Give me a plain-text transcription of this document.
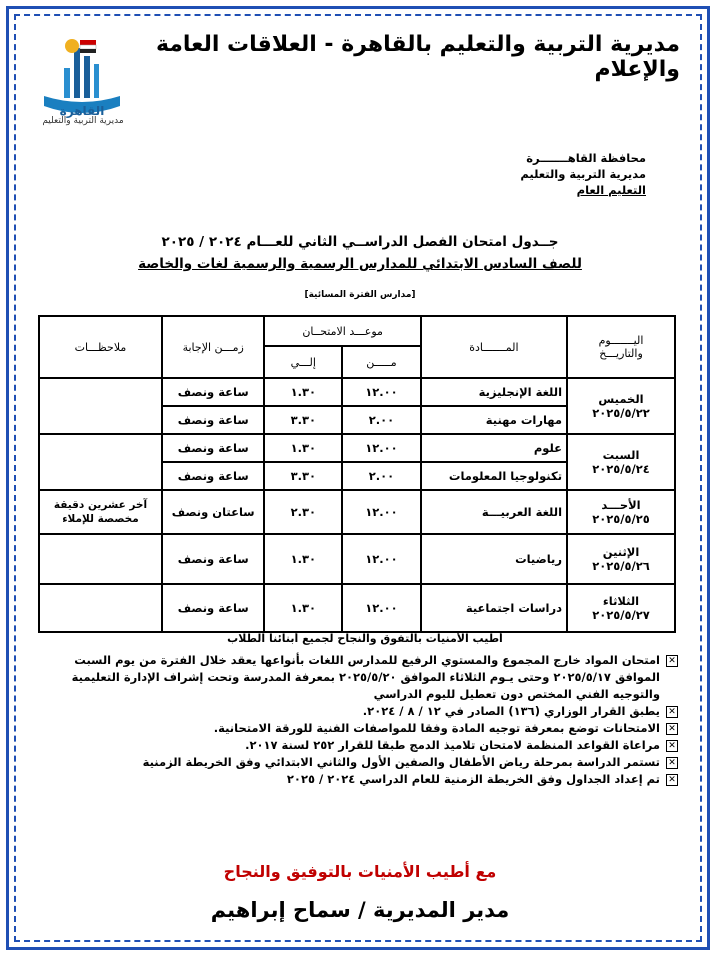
القاهرة
مديرية التربية والتعليم
مديرية التربية والتعليم بالقاهرة - العلاقات العامة والإعلام
محافظة القاهـــــــرة
مديرية التربية والتعليم
التعليم العام
جــدول امتحان الفصل الدراســي الثاني للعـــام ٢٠٢٤ / ٢٠٢٥
للصف السادس الابتدائي للمدارس الرسمية والرسمية لغات والخاصة
[مدارس الفترة المسائية]
اليـــــــوم
والتاريـــخ	المـــــــادة	موعـــد الامتحــان		زمـــن الإجابة	ملاحظـــات
		مـــــن	إلـــي		

الخميس
٢٠٢٥/٥/٢٢	اللغة الإنجليزية	١٢.٠٠	١.٣٠	ساعة ونصف	
	مهارات مهنية	٢.٠٠	٣.٣٠	ساعة ونصف	

السبت
٢٠٢٥/٥/٢٤	علوم	١٢.٠٠	١.٣٠	ساعة ونصف	
	تكنولوجيا المعلومات	٢.٠٠	٣.٣٠	ساعة ونصف	

الأحـــد
٢٠٢٥/٥/٢٥	اللغة العربيـــة	١٢.٠٠	٢.٣٠	ساعتان ونصف	آخر عشرين دقيقة مخصصة للإملاء

الإثنين
٢٠٢٥/٥/٢٦	رياضيات	١٢.٠٠	١.٣٠	ساعة ونصف	

الثلاثاء
٢٠٢٥/٥/٢٧	دراسات اجتماعية	١٢.٠٠	١.٣٠	ساعة ونصف	
أطيب الأمنيات بالتفوق والنجاح لجميع أبنائنا الطلاب
✕
امتحان المواد خارج المجموع والمستوي الرفيع للمدارس اللغات بأنواعها يعقد خلال الفترة من يوم السبت الموافق ٢٠٢٥/٥/١٧ وحتى يـوم الثلاثاء الموافق ٢٠٢٥/٥/٢٠ بمعرفة المدرسة وتحت إشراف الإدارة التعليمية والتوجيه الفني المختص دون تعطيل لليوم الدراسي
✕
يطبق القرار الوزاري (١٣٦) الصادر في ١٢ / ٨ / ٢٠٢٤.
✕
الامتحانات توضع بمعرفة توجيه المادة وفقا للمواصفات الفنية للورقة الامتحانية.
✕
مراعاة القواعد المنظمة لامتحان تلاميذ الدمج طبقا للقرار ٢٥٢ لسنة ٢٠١٧.
✕
تستمر الدراسة بمرحلة رياض الأطفال والصفين الأول والثاني الابتدائي وفق الخريطة الزمنية
✕
تم إعداد الجداول وفق الخريطة الزمنية للعام الدراسي ٢٠٢٤ / ٢٠٢٥
مع أطيب الأمنيات بالتوفيق والنجاح
مدير المديرية / سماح إبراهيم
